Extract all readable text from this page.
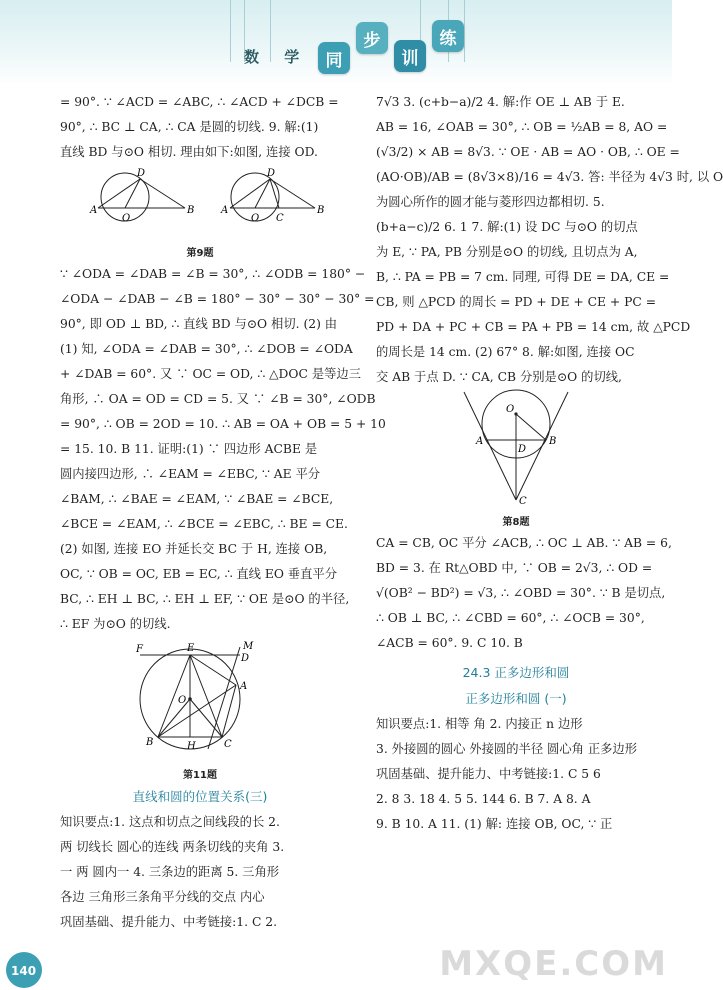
数 学 同
步
训
练

= 90°. ∵ ∠ACD = ∠ABC, ∴ ∠ACD + ∠DCB =

90°, ∴ BC ⊥ CA, ∴ CA 是圆的切线. 9. 解:(1)

直线 BD 与⊙O 相切. 理由如下:如图, 连接 OD.

A
O
D
B	A
O
D
C
B
第9题

∵ ∠ODA = ∠DAB = ∠B = 30°, ∴ ∠ODB = 180° −

∠ODA − ∠DAB − ∠B = 180° − 30° − 30° − 30° =

90°, 即 OD ⊥ BD, ∴ 直线 BD 与⊙O 相切. (2) 由

(1) 知, ∠ODA = ∠DAB = 30°, ∴ ∠DOB = ∠ODA

+ ∠DAB = 60°. 又 ∵ OC = OD, ∴ △DOC 是等边三

角形, ∴ OA = OD = CD = 5. 又 ∵ ∠B = 30°, ∠ODB

= 90°, ∴ OB = 2OD = 10. ∴ AB = OA + OB = 5 + 10

= 15. 10. B 11. 证明:(1) ∵ 四边形 ACBE 是

圆内接四边形, ∴ ∠EAM = ∠EBC, ∵ AE 平分

∠BAM, ∴ ∠BAE = ∠EAM, ∵ ∠BAE = ∠BCE,

∠BCE = ∠EAM, ∴ ∠BCE = ∠EBC, ∴ BE = CE.

(2) 如图, 连接 EO 并延长交 BC 于 H, 连接 OB,

OC, ∵ OB = OC, EB = EC, ∴ 直线 EO 垂直平分

BC, ∴ EH ⊥ BC, ∴ EH ⊥ EF, ∵ OE 是⊙O 的半径,

∴ EF 为⊙O 的切线.

F	E	M
D
A
O
B	H	C
第11题
直线和圆的位置关系(三)

知识要点:1. 这点和切点之间线段的长 2.

两 切线长 圆心的连线 两条切线的夹角 3.

一 两 圆内一 4. 三条边的距离 5. 三角形

各边 三角形三条角平分线的交点 内心

巩固基础、提升能力、中考链接:1. C 2.

7√3 3. (c+b−a)/2 4. 解:作 OE ⊥ AB 于 E.

AB = 16, ∠OAB = 30°, ∴ OB = ½AB = 8, AO =

(√3/2) × AB = 8√3. ∵ OE · AB = AO · OB, ∴ OE =

(AO·OB)/AB = (8√3×8)/16 = 4√3. 答: 半径为 4√3 时, 以 O

为圆心所作的圆才能与菱形四边都相切. 5.

(b+a−c)/2 6. 1 7. 解:(1) 设 DC 与⊙O 的切点

为 E, ∵ PA, PB 分别是⊙O 的切线, 且切点为 A,

B, ∴ PA = PB = 7 cm. 同理, 可得 DE = DA, CE =

CB, 则 △PCD 的周长 = PD + DE + CE + PC =

PD + DA + PC + CB = PA + PB = 14 cm, 故 △PCD

的周长是 14 cm. (2) 67° 8. 解:如图, 连接 OC

交 AB 于点 D. ∵ CA, CB 分别是⊙O 的切线,

O
A
D
B
C
第8题

CA = CB, OC 平分 ∠ACB, ∴ OC ⊥ AB. ∵ AB = 6,

BD = 3. 在 Rt△OBD 中, ∵ OB = 2√3, ∴ OD =

√(OB² − BD²) = √3, ∴ ∠OBD = 30°. ∵ B 是切点,

∴ OB ⊥ BC, ∴ ∠CBD = 60°, ∴ ∠OCB = 30°,

∠ACB = 60°. 9. C 10. B

24.3 正多边形和圆
正多边形和圆 (一)

知识要点:1. 相等 角 2. 内接正 n 边形

3. 外接圆的圆心 外接圆的半径 圆心角 正多边形

巩固基础、提升能力、中考链接:1. C 5 6

2. 8 3. 18 4. 5 5. 144 6. B 7. A 8. A

9. B 10. A 11. (1) 解: 连接 OB, OC, ∵ 正

140	MXQE.COM
